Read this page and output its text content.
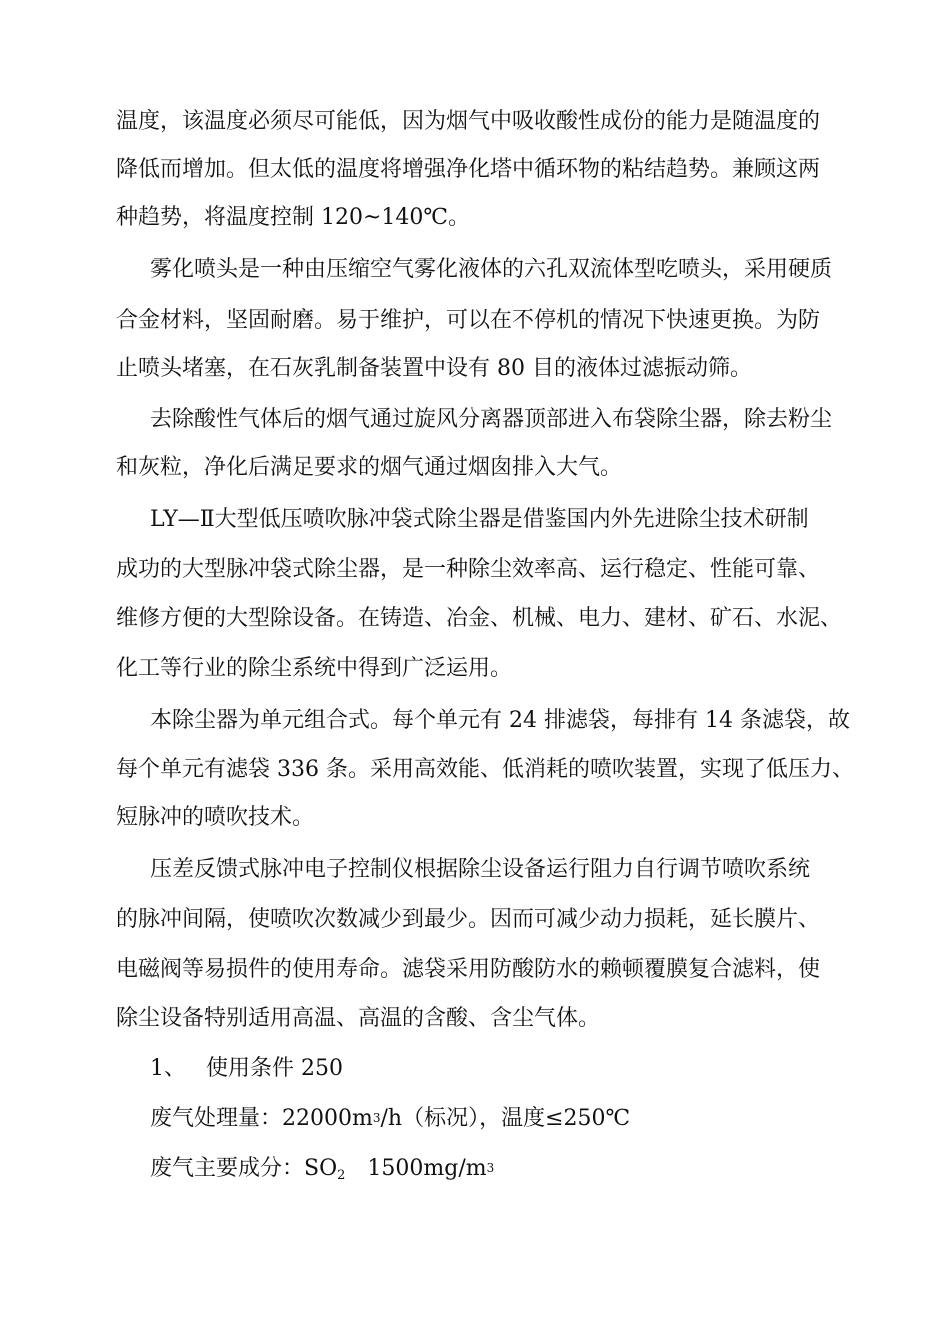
温度，该温度必须尽可能低，因为烟气中吸收酸性成份的能力是随温度的
降低而增加。但太低的温度将增强净化塔中循环物的粘结趋势。兼顾这两
种趋势，将温度控制 120~140℃。
雾化喷头是一种由压缩空气雾化液体的六孔双流体型吃喷头，采用硬质
合金材料，坚固耐磨。易于维护，可以在不停机的情况下快速更换。为防
止喷头堵塞，在石灰乳制备装置中设有 80 目的液体过滤振动筛。
去除酸性气体后的烟气通过旋风分离器顶部进入布袋除尘器，除去粉尘
和灰粒，净化后满足要求的烟气通过烟囱排入大气。
LY—Ⅱ大型低压喷吹脉冲袋式除尘器是借鉴国内外先进除尘技术研制
成功的大型脉冲袋式除尘器，是一种除尘效率高、运行稳定、性能可靠、
维修方便的大型除设备。在铸造、冶金、机械、电力、建材、矿石、水泥、
化工等行业的除尘系统中得到广泛运用。
本除尘器为单元组合式。每个单元有 24 排滤袋，每排有 14 条滤袋，故
每个单元有滤袋 336 条。采用高效能、低消耗的喷吹装置，实现了低压力、
短脉冲的喷吹技术。
压差反馈式脉冲电子控制仪根据除尘设备运行阻力自行调节喷吹系统
的脉冲间隔，使喷吹次数减少到最少。因而可减少动力损耗，延长膜片、
电磁阀等易损件的使用寿命。滤袋采用防酸防水的赖顿覆膜复合滤料，使
除尘设备特别适用高温、高温的含酸、含尘气体。
1、 使用条件 250
废气处理量：$22000m^3/h$（标况），温度≤250℃
废气主要成分：$SO_2$　$1500mg/m^3$
